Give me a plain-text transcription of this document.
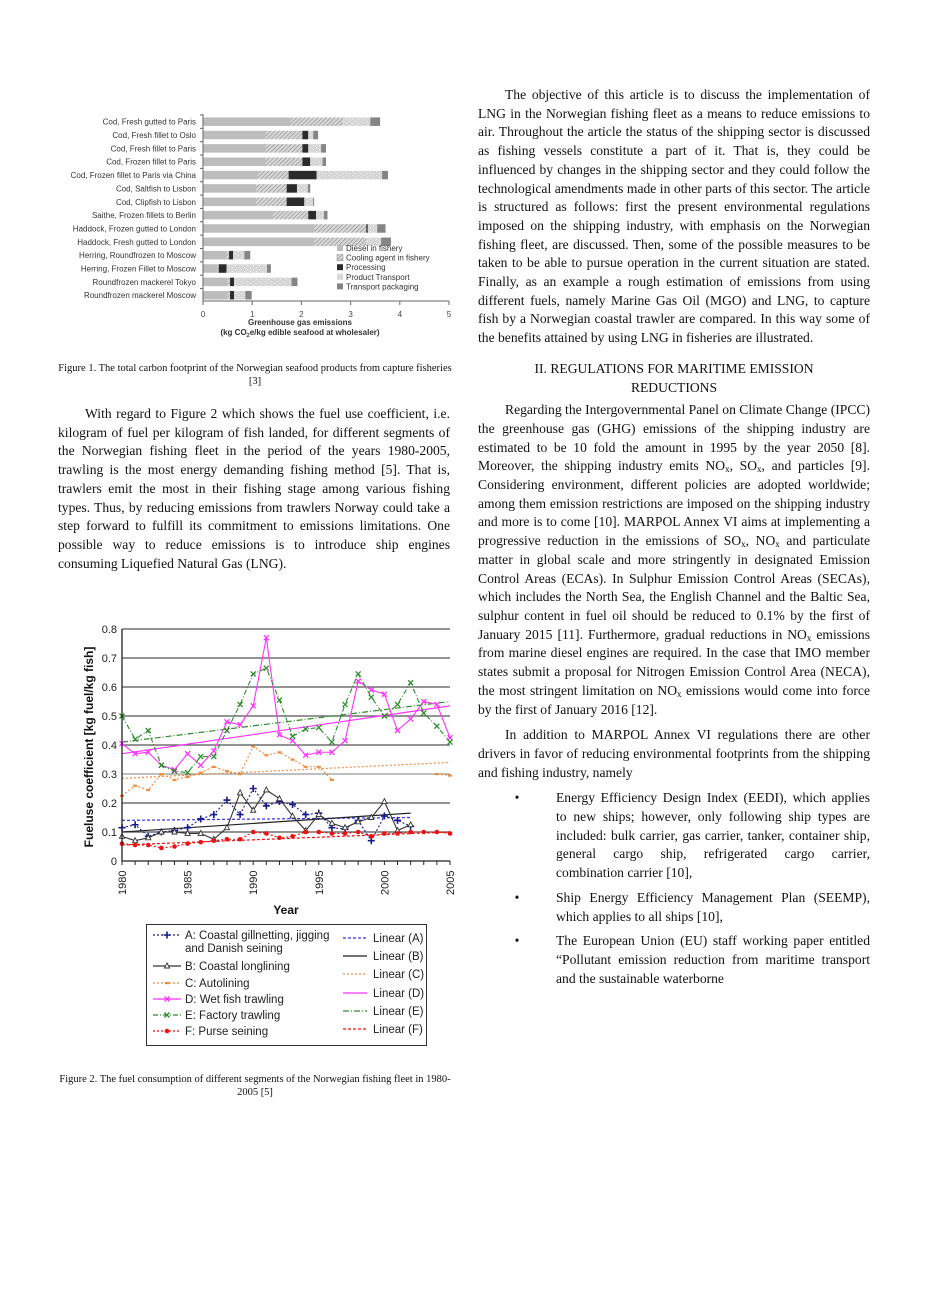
Cod, Fresh gutted to Paris
Cod, Fresh fillet to Oslo
Cod, Fresh fillet to Paris
Cod, Frozen fillet to Paris
Cod, Frozen fillet to Paris via China
Cod, Saltfish to Lisbon
Cod, Clipfish to Lisbon
Saithe, Frozen fillets to Berlin
Haddock, Frozen gutted to London
Haddock, Fresh gutted to London
Herring, Roundfrozen to Moscow
Herring, Frozen Fillet to Moscow
Roundfrozen mackerel Tokyo
Roundfrozen mackerel Moscow
0	1	2	3	4	5
Greenhouse gas emissions
(kg $CO_2e/kg$ edible seafood at wholesaler)
Diesel in fishery
Cooling agent in fishery
Processing
Product Transport
Transport packaging
Figure 1. The total carbon footprint of the Norwegian seafood products from capture fisheries [3]

With regard to Figure 2 which shows the fuel use coefficient, i.e. kilogram of fuel per kilogram of fish landed, for different segments of the Norwegian fishing fleet in the period of the years 1980-2005, trawling is the most energy demanding fishing method [5]. That is, trawlers emit the most in their fishing stage among various fishing types. Thus, by reducing emissions from trawlers Norway could take a step forward to fulfill its commitment to emissions limitations. One possible way to reduce emissions is to introduce ship engines consuming Liquefied Natural Gas (LNG).

0
0.1
0.2
0.3
0.4
0.5
0.6
0.7
0.8
1980	1985	1990	1995	2000	2005
Fueluse coefficient [kg fuel/kg fish]
Year
A: Coastal gillnetting, jigging
and Danish seining
B: Coastal longlining
C: Autolining
D: Wet fish trawling
E: Factory trawling
F: Purse seining
Linear (A)
Linear (B)
Linear (C)
Linear (D)
Linear (E)
Linear (F)
Figure 2. The fuel consumption of different segments of the Norwegian fishing fleet in 1980-2005 [5]

The objective of this article is to discuss the implementation of LNG in the Norwegian fishing fleet as a means to reduce emissions to air. Throughout the article the status of the shipping sector is discussed as fishing vessels constitute a part of it. That is, they could be influenced by changes in the shipping sector and they could follow the technological amendments made in other parts of this sector. The article is structured as follows: first the present environmental regulations imposed on the shipping industry, with emphasis on the Norwegian fishing fleet, are discussed. Then, some of the possible measures to be taken to be able to pursue operation in the current situation are stated. Finally, as an example a rough estimation of emissions from using different fuels, namely Marine Gas Oil (MGO) and LNG, to capture fish by a Norwegian coastal trawler are compared. In this way some of the benefits attained by using LNG in fisheries are illustrated.

II. REGULATIONS FOR MARITIME EMISSION
REDUCTIONS

Regarding the Intergovernmental Panel on Climate Change (IPCC) the greenhouse gas (GHG) emissions of the shipping industry are estimated to be 10 fold the amount in 1995 by the year 2050 [8]. Moreover, the shipping industry emits $NO_x$, $SO_x$, and particles [9]. Considering environment, different policies are adopted worldwide; among them emission restrictions are imposed on the shipping industry and more is to come [10]. MARPOL Annex VI aims at implementing a progressive reduction in the emissions of $SO_x$, $NO_x$ and particulate matter in global scale and more stringently in designated Emission Control Areas (ECAs). In Sulphur Emission Control Areas (SECAs), which includes the North Sea, the English Channel and the Baltic Sea, sulphur content in fuel oil should be reduced to 0.1% by the first of January 2015 [11]. Furthermore, gradual reductions in $NO_x$ emissions from marine diesel engines are required. In the case that IMO member states submit a proposal for Nitrogen Emission Control Area (NECA), the most stringent limitation on $NO_x$ emissions would come into force by the first of January 2016 [12].

In addition to MARPOL Annex VI regulations there are other drivers in favor of reducing environmental footprints from the shipping and fishing industry, namely

•	Energy Efficiency Design Index (EEDI), which applies to new ships; however, only following ship types are included: bulk carrier, gas carrier, tanker, container ship, general cargo ship, refrigerated cargo carrier, combination carrier [10],
•	Ship Energy Efficiency Management Plan (SEEMP), which applies to all ships [10],
•	The European Union (EU) staff working paper entitled “Pollutant emission reduction from maritime transport and the sustainable waterborne
